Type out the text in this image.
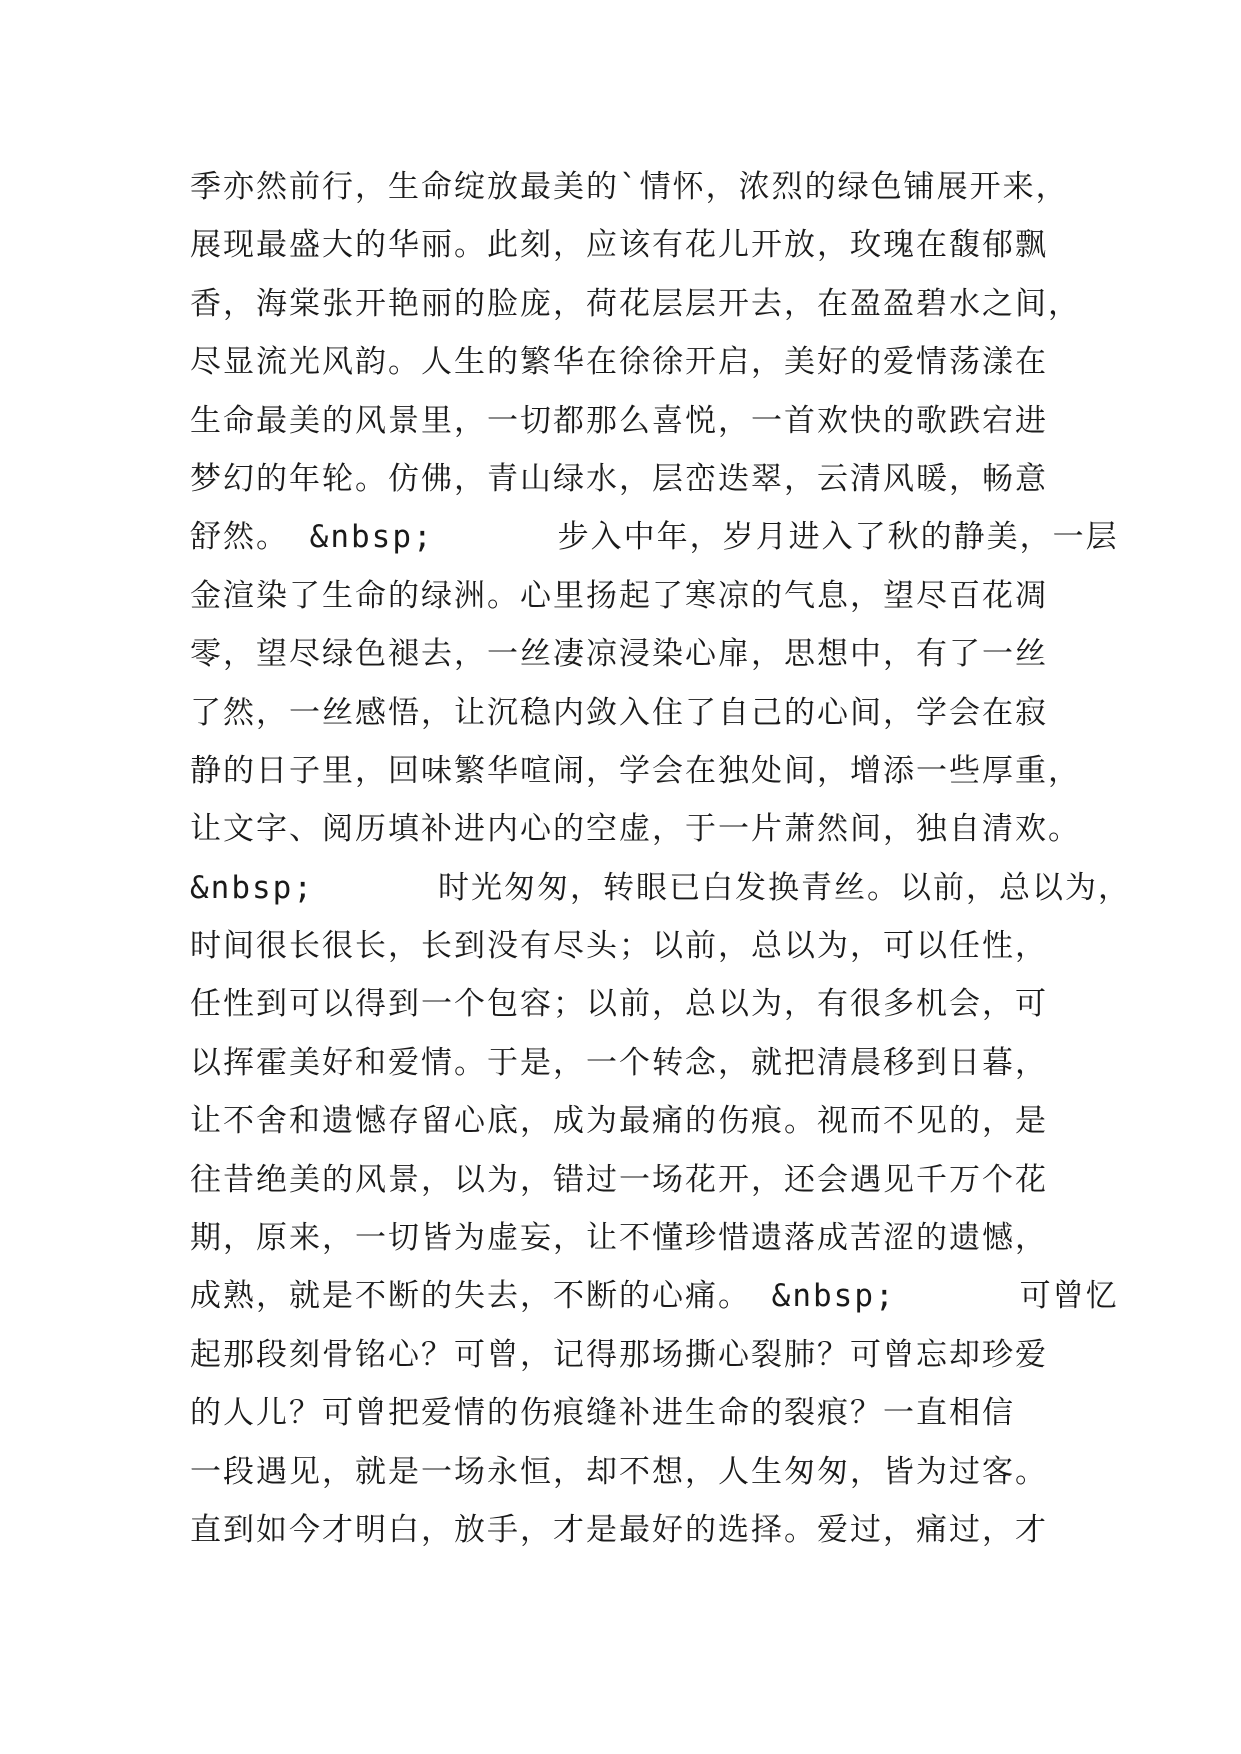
季亦然前行，生命绽放最美的`情怀，浓烈的绿色铺展开来，
展现最盛大的华丽。此刻，应该有花儿开放，玫瑰在馥郁飘
香，海棠张开艳丽的脸庞，荷花层层开去，在盈盈碧水之间，
尽显流光风韵。人生的繁华在徐徐开启，美好的爱情荡漾在
生命最美的风景里，一切都那么喜悦，一首欢快的歌跌宕进
梦幻的年轮。仿佛，青山绿水，层峦迭翠，云清风暖，畅意
舒然。 &nbsp;      步入中年，岁月进入了秋的静美，一层
金渲染了生命的绿洲。心里扬起了寒凉的气息，望尽百花凋
零，望尽绿色褪去，一丝凄凉浸染心扉，思想中，有了一丝
了然，一丝感悟，让沉稳内敛入住了自己的心间，学会在寂
静的日子里，回味繁华喧闹，学会在独处间，增添一些厚重，
让文字、阅历填补进内心的空虚，于一片萧然间，独自清欢。
&nbsp;      时光匆匆，转眼已白发换青丝。以前，总以为，
时间很长很长，长到没有尽头；以前，总以为，可以任性，
任性到可以得到一个包容；以前，总以为，有很多机会，可
以挥霍美好和爱情。于是，一个转念，就把清晨移到日暮，
让不舍和遗憾存留心底，成为最痛的伤痕。视而不见的，是
往昔绝美的风景，以为，错过一场花开，还会遇见千万个花
期，原来，一切皆为虚妄，让不懂珍惜遗落成苦涩的遗憾，
成熟，就是不断的失去，不断的心痛。 &nbsp;      可曾忆
起那段刻骨铭心？可曾，记得那场撕心裂肺？可曾忘却珍爱
的人儿？可曾把爱情的伤痕缝补进生命的裂痕？一直相信
一段遇见，就是一场永恒，却不想，人生匆匆，皆为过客。
直到如今才明白，放手，才是最好的选择。爱过，痛过，才
